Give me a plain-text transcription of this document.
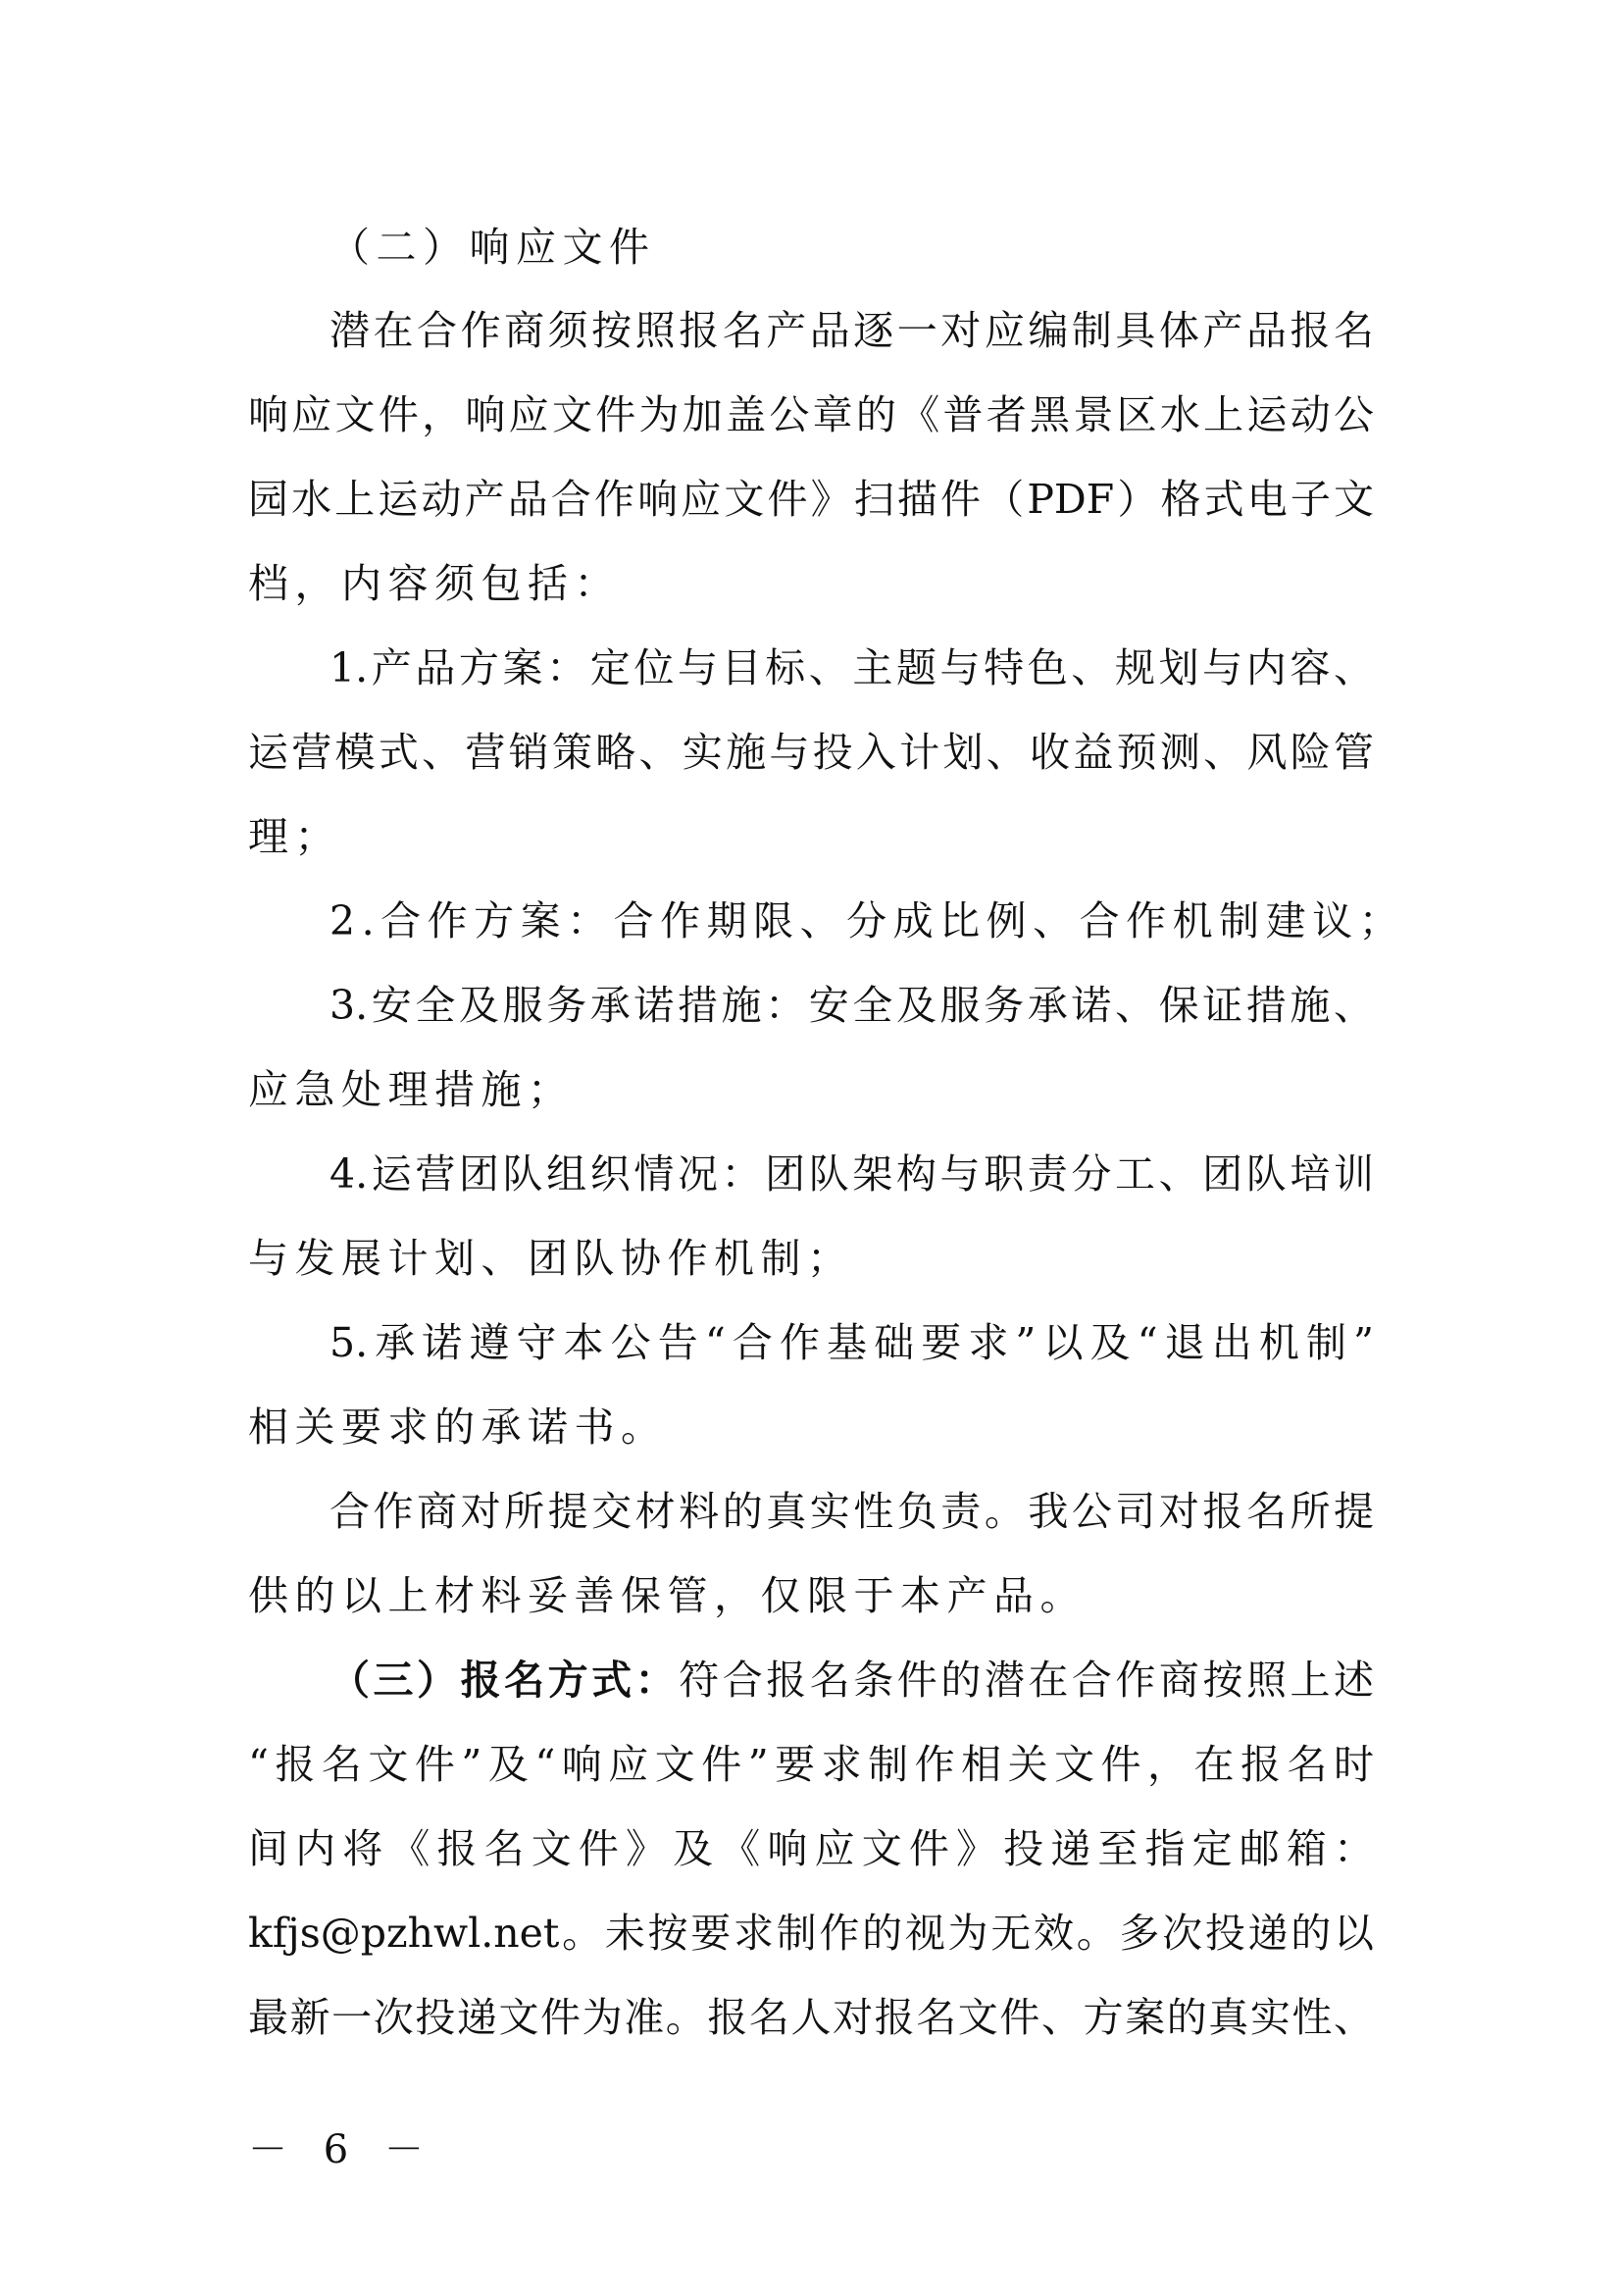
（二）响应文件
潜在合作商须按照报名产品逐一对应编制具体产品报名
响应文件，响应文件为加盖公章的《普者黑景区水上运动公
园水上运动产品合作响应文件》扫描件（PDF）格式电子文
档，内容须包括：
1.产品方案：定位与目标、主题与特色、规划与内容、
运营模式、营销策略、实施与投入计划、收益预测、风险管
理；
2.合作方案：合作期限、分成比例、合作机制建议；
3.安全及服务承诺措施：安全及服务承诺、保证措施、
应急处理措施；
4.运营团队组织情况：团队架构与职责分工、团队培训
与发展计划、团队协作机制；
5.承诺遵守本公告“合作基础要求”以及“退出机制”
相关要求的承诺书。
合作商对所提交材料的真实性负责。我公司对报名所提
供的以上材料妥善保管，仅限于本产品。
（三）报名方式：符合报名条件的潜在合作商按照上述
“报名文件”及“响应文件”要求制作相关文件，在报名时
间内将《报名文件》及《响应文件》投递至指定邮箱：
kfjs@pzhwl.net。未按要求制作的视为无效。多次投递的以
最新一次投递文件为准。报名人对报名文件、方案的真实性、
－ 6 －
